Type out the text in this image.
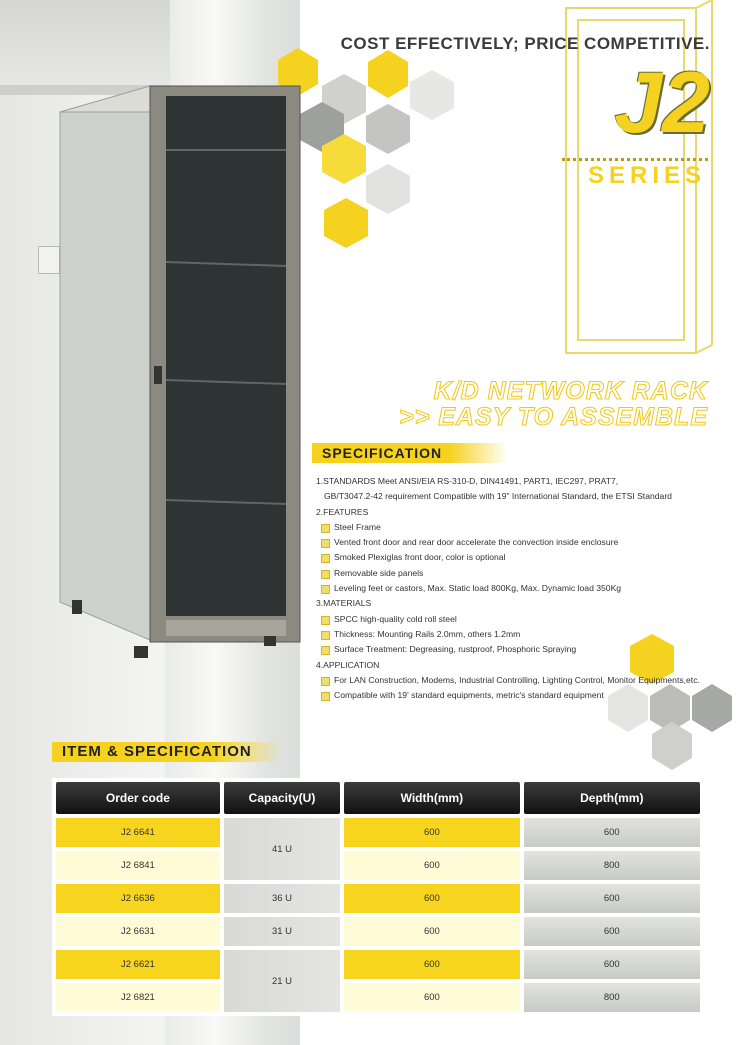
COST EFFECTIVELY; PRICE COMPETITIVE.
J2
SERIES
K/D NETWORK RACK
>> EASY TO ASSEMBLE
SPECIFICATION
1.STANDARDS Meet ANSI/EIA RS-310-D, DIN41491, PART1, IEC297, PRAT7,
GB/T3047.2-42 requirement Compatible with 19" International Standard, the ETSI Standard
2.FEATURES
Steel Frame
Vented front door and rear door accelerate the convection inside enclosure
Smoked Plexiglas front door, color is optional
Removable side panels
Leveling feet or castors, Max. Static load 800Kg, Max. Dynamic load 350Kg
3.MATERIALS
SPCC high-quality cold roll steel
Thickness: Mounting Rails 2.0mm, others 1.2mm
Surface Treatment: Degreasing, rustproof, Phosphoric Spraying
4.APPLICATION
For LAN Construction, Modems, Industrial Controlling, Lighting Control, Monitor Equipments,etc.
Compatible with 19' standard equipments, metric's standard equipment
ITEM & SPECIFICATION
Order code	Capacity(U)	Width(mm)	Depth(mm)
J2 6641	41 U	600	600
J2 6841		600	800
J2 6636	36 U	600	600
J2 6631	31 U	600	600
J2 6621	21 U	600	600
J2 6821		600	800
